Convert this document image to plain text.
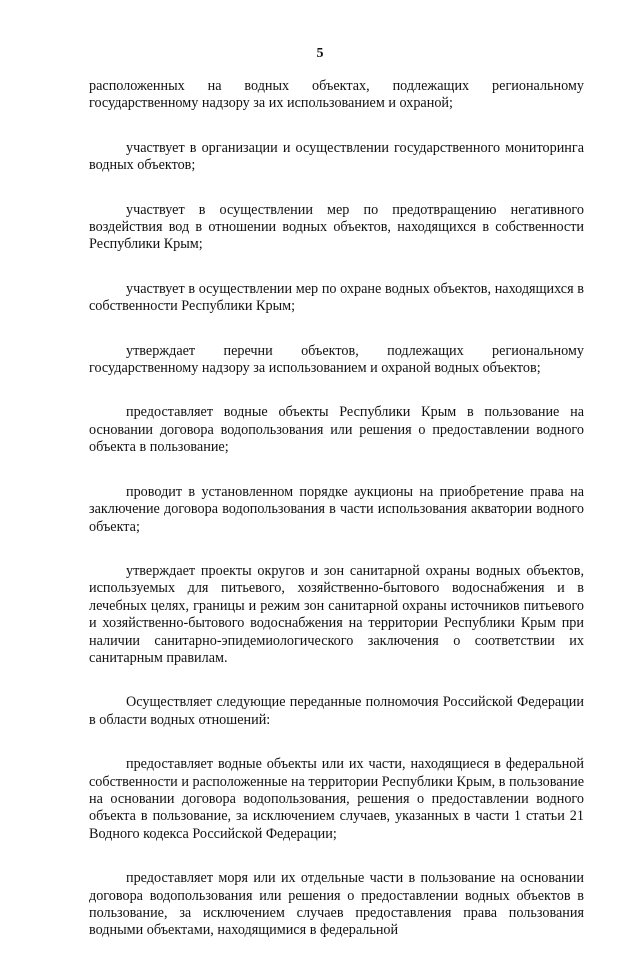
5

расположенных на водных объектах, подлежащих региональному государственному надзору за их использованием и охраной;

участвует в организации и осуществлении государственного мониторинга водных объектов;

участвует в осуществлении мер по предотвращению негативного воздействия вод в отношении водных объектов, находящихся в собственности Республики Крым;

участвует в осуществлении мер по охране водных объектов, находящихся в собственности Республики Крым;

утверждает перечни объектов, подлежащих региональному государственному надзору за использованием и охраной водных объектов;

предоставляет водные объекты Республики Крым в пользование на основании договора водопользования или решения о предоставлении водного объекта в пользование;

проводит в установленном порядке аукционы на приобретение права на заключение договора водопользования в части использования акватории водного объекта;

утверждает проекты округов и зон санитарной охраны водных объектов, используемых для питьевого, хозяйственно-бытового водоснабжения и в лечебных целях, границы и режим зон санитарной охраны источников питьевого и хозяйственно-бытового водоснабжения на территории Республики Крым при наличии санитарно-эпидемиологического заключения о соответствии их санитарным правилам.

Осуществляет следующие переданные полномочия Российской Федерации в области водных отношений:

предоставляет водные объекты или их части, находящиеся в федеральной собственности и расположенные на территории Республики Крым, в пользование на основании договора водопользования, решения о предоставлении водного объекта в пользование, за исключением случаев, указанных в части 1 статьи 21 Водного кодекса Российской Федерации;

предоставляет моря или их отдельные части в пользование на основании договора водопользования или решения о предоставлении водных объектов в пользование, за исключением случаев предоставления права пользования водными объектами, находящимися в федеральной
